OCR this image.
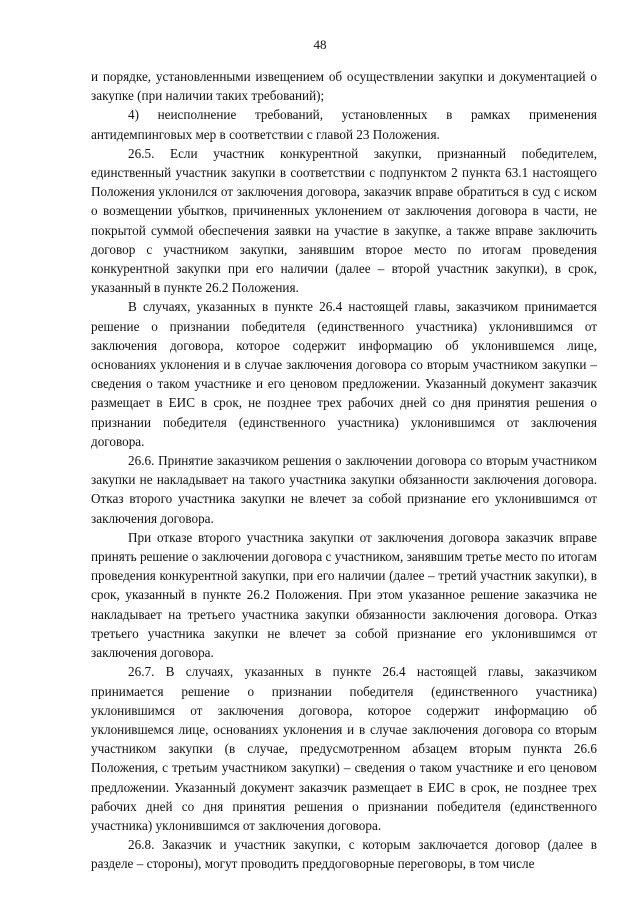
48

и порядке, установленными извещением об осуществлении закупки и документацией о закупке (при наличии таких требований);

4) неисполнение требований, установленных в рамках применения антидемпинговых мер в соответствии с главой 23 Положения.

26.5. Если участник конкурентной закупки, признанный победителем, единственный участник закупки в соответствии с подпунктом 2 пункта 63.1 настоящего Положения уклонился от заключения договора, заказчик вправе обратиться в суд с иском о возмещении убытков, причиненных уклонением от заключения договора в части, не покрытой суммой обеспечения заявки на участие в закупке, а также вправе заключить договор с участником закупки, занявшим второе место по итогам проведения конкурентной закупки при его наличии (далее – второй участник закупки), в срок, указанный в пункте 26.2 Положения.

В случаях, указанных в пункте 26.4 настоящей главы, заказчиком принимается решение о признании победителя (единственного участника) уклонившимся от заключения договора, которое содержит информацию об уклонившемся лице, основаниях уклонения и в случае заключения договора со вторым участником закупки – сведения о таком участнике и его ценовом предложении. Указанный документ заказчик размещает в ЕИС в срок, не позднее трех рабочих дней со дня принятия решения о признании победителя (единственного участника) уклонившимся от заключения договора.

26.6. Принятие заказчиком решения о заключении договора со вторым участником закупки не накладывает на такого участника закупки обязанности заключения договора. Отказ второго участника закупки не влечет за собой признание его уклонившимся от заключения договора.

При отказе второго участника закупки от заключения договора заказчик вправе принять решение о заключении договора с участником, занявшим третье место по итогам проведения конкурентной закупки, при его наличии (далее – третий участник закупки), в срок, указанный в пункте 26.2 Положения. При этом указанное решение заказчика не накладывает на третьего участника закупки обязанности заключения договора. Отказ третьего участника закупки не влечет за собой признание его уклонившимся от заключения договора.

26.7. В случаях, указанных в пункте 26.4 настоящей главы, заказчиком принимается решение о признании победителя (единственного участника) уклонившимся от заключения договора, которое содержит информацию об уклонившемся лице, основаниях уклонения и в случае заключения договора со вторым участником закупки (в случае, предусмотренном абзацем вторым пункта 26.6 Положения, с третьим участником закупки) – сведения о таком участнике и его ценовом предложении. Указанный документ заказчик размещает в ЕИС в срок, не позднее трех рабочих дней со дня принятия решения о признании победителя (единственного участника) уклонившимся от заключения договора.

26.8. Заказчик и участник закупки, с которым заключается договор (далее в разделе – стороны), могут проводить преддоговорные переговоры, в том числе
